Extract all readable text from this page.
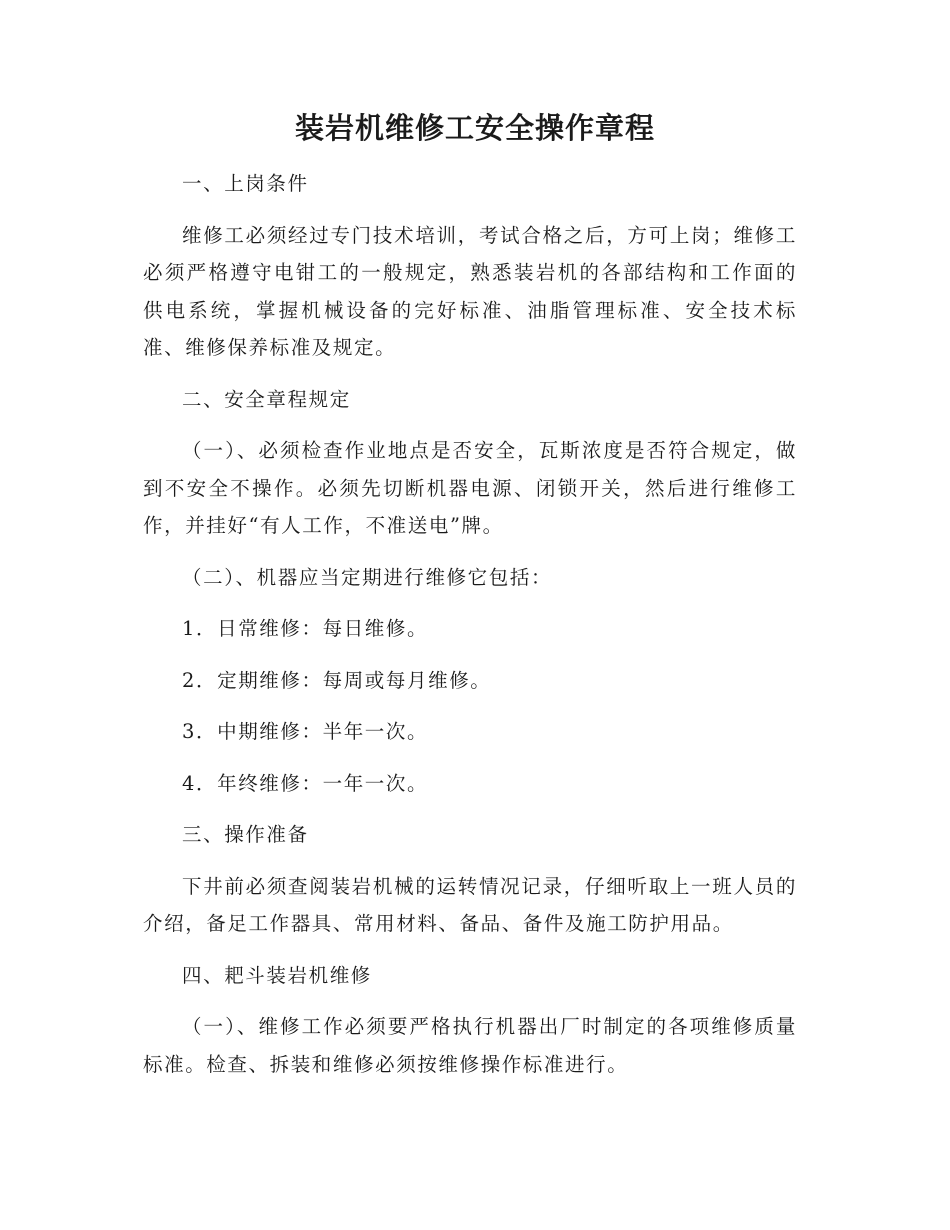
装岩机维修工安全操作章程

一、上岗条件

维修工必须经过专门技术培训，考试合格之后，方可上岗；维修工必须严格遵守电钳工的一般规定，熟悉装岩机的各部结构和工作面的供电系统，掌握机械设备的完好标准、油脂管理标准、安全技术标准、维修保养标准及规定。

二、安全章程规定

（一）、必须检查作业地点是否安全，瓦斯浓度是否符合规定，做到不安全不操作。必须先切断机器电源、闭锁开关，然后进行维修工作，并挂好“有人工作，不准送电”牌。

（二）、机器应当定期进行维修它包括：

1．日常维修：每日维修。

2．定期维修：每周或每月维修。

3．中期维修：半年一次。

4．年终维修：一年一次。

三、操作准备

下井前必须查阅装岩机械的运转情况记录，仔细听取上一班人员的介绍，备足工作器具、常用材料、备品、备件及施工防护用品。

四、耙斗装岩机维修

（一）、维修工作必须要严格执行机器出厂时制定的各项维修质量标准。检查、拆装和维修必须按维修操作标准进行。
